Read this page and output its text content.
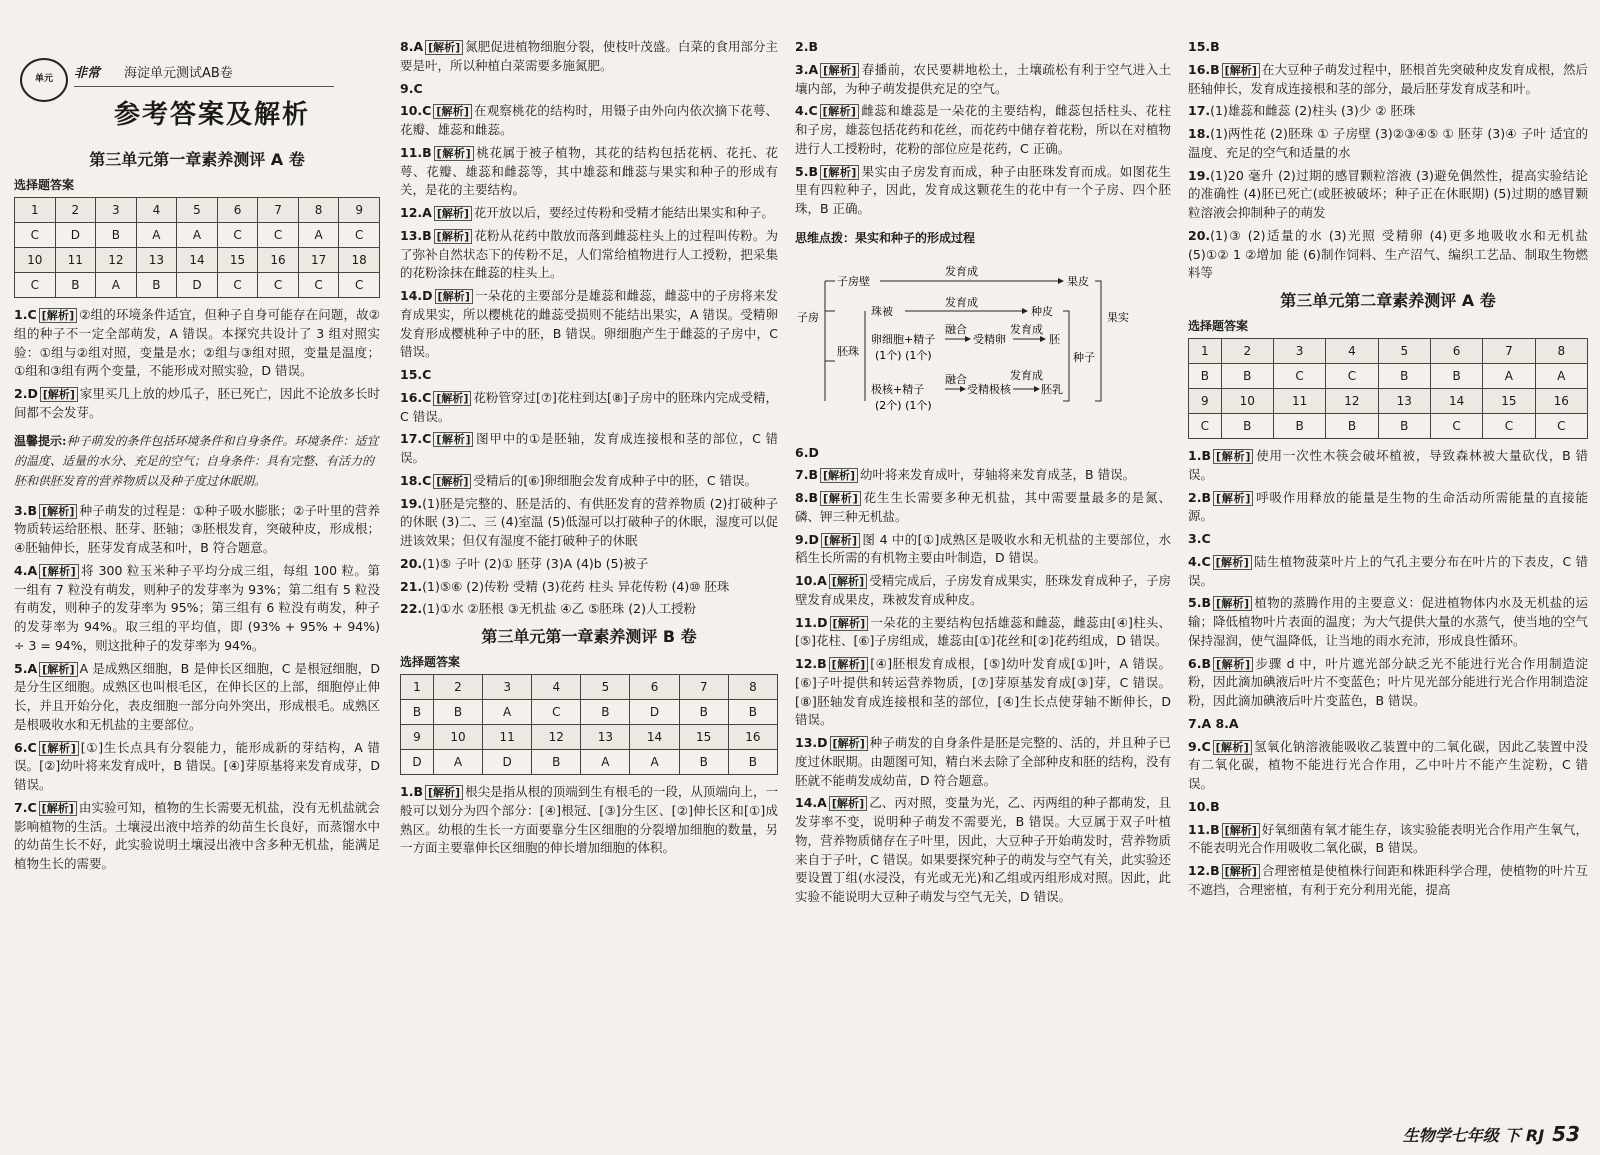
单元	非常 海淀单元测试AB卷
参考答案及解析
第三单元第一章素养测评 A 卷
选择题答案
1	2	3	4	5	6	7	8	9
C	D	B	A	A	C	C	A	C
10	11	12	13	14	15	16	17	18
C	B	A	B	D	C	C	C	C

1.C [解析] ②组的环境条件适宜，但种子自身可能存在问题，故②组的种子不一定全部萌发，A 错误。本探究共设计了 3 组对照实验：①组与②组对照，变量是水；②组与③组对照，变量是温度；①组和③组有两个变量，不能形成对照实验，D 错误。

2.D [解析] 家里买几上放的炒瓜子，胚已死亡，因此不论放多长时间都不会发芽。

温馨提示:种子萌发的条件包括环境条件和自身条件。环境条件：适宜的温度、适量的水分、充足的空气；自身条件：具有完整、有活力的胚和供胚发育的营养物质以及种子度过休眠期。

3.B [解析] 种子萌发的过程是：①种子吸水膨胀；②子叶里的营养物质转运给胚根、胚芽、胚轴；③胚根发育，突破种皮，形成根；④胚轴伸长，胚芽发育成茎和叶，B 符合题意。

4.A [解析] 将 300 粒玉米种子平均分成三组，每组 100 粒。第一组有 7 粒没有萌发，则种子的发芽率为 93%；第二组有 5 粒没有萌发，则种子的发芽率为 95%；第三组有 6 粒没有萌发，种子的发芽率为 94%。取三组的平均值，即 (93% + 95% + 94%) ÷ 3 = 94%，则这批种子的发芽率为 94%。

5.A [解析] A 是成熟区细胞，B 是伸长区细胞，C 是根冠细胞，D 是分生区细胞。成熟区也叫根毛区，在伸长区的上部，细胞停止伸长，并且开始分化，表皮细胞一部分向外突出，形成根毛。成熟区是根吸收水和无机盐的主要部位。

6.C [解析] [①]生长点具有分裂能力，能形成新的芽结构，A 错误。[②]幼叶将来发育成叶，B 错误。[④]芽原基将来发育成芽，D 错误。

7.C [解析] 由实验可知，植物的生长需要无机盐，没有无机盐就会影响植物的生活。土壤浸出液中培养的幼苗生长良好，而蒸馏水中的幼苗生长不好，此实验说明土壤浸出液中含多种无机盐，能满足植物生长的需要。

8.A [解析] 氮肥促进植物细胞分裂，使枝叶茂盛。白菜的食用部分主要是叶，所以种植白菜需要多施氮肥。

9.C

10.C [解析] 在观察桃花的结构时，用镊子由外向内依次摘下花萼、花瓣、雄蕊和雌蕊。

11.B [解析] 桃花属于被子植物，其花的结构包括花柄、花托、花萼、花瓣、雄蕊和雌蕊等，其中雄蕊和雌蕊与果实和种子的形成有关，是花的主要结构。

12.A [解析] 花开放以后，要经过传粉和受精才能结出果实和种子。

13.B [解析] 花粉从花药中散放而落到雌蕊柱头上的过程叫传粉。为了弥补自然状态下的传粉不足，人们常给植物进行人工授粉，把采集的花粉涂抹在雌蕊的柱头上。

14.D [解析] 一朵花的主要部分是雄蕊和雌蕊，雌蕊中的子房将来发育成果实，所以樱桃花的雌蕊受损则不能结出果实，A 错误。受精卵发育形成樱桃种子中的胚，B 错误。卵细胞产生于雌蕊的子房中，C 错误。

15.C

16.C [解析] 花粉管穿过[⑦]花柱到达[⑧]子房中的胚珠内完成受精，C 错误。

17.C [解析] 图甲中的①是胚轴，发育成连接根和茎的部位，C 错误。

18.C [解析] 受精后的[⑥]卵细胞会发育成种子中的胚，C 错误。

19.(1)胚是完整的、胚是活的、有供胚发育的营养物质 (2)打破种子的休眠 (3)二、三 (4)室温 (5)低湿可以打破种子的休眠，湿度可以促进该效果；但仅有湿度不能打破种子的休眠

20.(1)⑤ 子叶 (2)① 胚芽 (3)A (4)b (5)被子

21.(1)⑤⑥ (2)传粉 受精 (3)花药 柱头 异花传粉 (4)⑩ 胚珠

22.(1)①水 ②胚根 ③无机盐 ④乙 ⑤胚珠 (2)人工授粉

第三单元第一章素养测评 B 卷
选择题答案
1	2	3	4	5	6	7	8
B	B	A	C	B	D	B	B
9	10	11	12	13	14	15	16
D	A	D	B	A	A	B	B

1.B [解析] 根尖是指从根的顶端到生有根毛的一段，从顶端向上，一般可以划分为四个部分：[④]根冠、[③]分生区、[②]伸长区和[①]成熟区。幼根的生长一方面要靠分生区细胞的分裂增加细胞的数量，另一方面主要靠伸长区细胞的伸长增加细胞的体积。

2.B

3.A [解析] 春播前，农民要耕地松土，土壤疏松有利于空气进入土壤内部，为种子萌发提供充足的空气。

4.C [解析] 雌蕊和雄蕊是一朵花的主要结构，雌蕊包括柱头、花柱和子房，雄蕊包括花药和花丝，而花药中储存着花粉，所以在对植物进行人工授粉时，花粉的部位应是花药，C 正确。

5.B [解析] 果实由子房发育而成，种子由胚珠发育而成。如图花生里有四粒种子，因此，发育成这颗花生的花中有一个子房、四个胚珠，B 正确。

思维点拨：果实和种子的形成过程
子房
子房壁
发育成
果皮
果实
胚珠
珠被
发育成
种皮
卵细胞+精子
(1个) (1个)
融合
受精卵
发育成
胚
种子
极核+精子
(2个) (1个)
融合
受精极核
发育成
胚乳

6.D

7.B [解析] 幼叶将来发育成叶，芽轴将来发育成茎，B 错误。

8.B [解析] 花生生长需要多种无机盐，其中需要量最多的是氮、磷、钾三种无机盐。

9.D [解析] 图 4 中的[①]成熟区是吸收水和无机盐的主要部位，水稻生长所需的有机物主要由叶制造，D 错误。

10.A [解析] 受精完成后，子房发育成果实，胚珠发育成种子，子房壁发育成果皮，珠被发育成种皮。

11.D [解析] 一朵花的主要结构包括雄蕊和雌蕊，雌蕊由[④]柱头、[⑤]花柱、[⑥]子房组成，雄蕊由[①]花丝和[②]花药组成，D 错误。

12.B [解析] [④]胚根发育成根，[⑤]幼叶发育成[①]叶，A 错误。[⑥]子叶提供和转运营养物质，[⑦]芽原基发育成[③]芽，C 错误。[⑧]胚轴发育成连接根和茎的部位，[④]生长点使芽轴不断伸长，D 错误。

13.D [解析] 种子萌发的自身条件是胚是完整的、活的，并且种子已度过休眠期。由题图可知，精白米去除了全部种皮和胚的结构，没有胚就不能萌发成幼苗，D 符合题意。

14.A [解析] 乙、丙对照，变量为光，乙、丙两组的种子都萌发，且发芽率不变，说明种子萌发不需要光，B 错误。大豆属于双子叶植物，营养物质储存在子叶里，因此，大豆种子开始萌发时，营养物质来自于子叶，C 错误。如果要探究种子的萌发与空气有关，此实验还要设置丁组(水浸没，有光或无光)和乙组或丙组形成对照。因此，此实验不能说明大豆种子萌发与空气无关，D 错误。

15.B

16.B [解析] 在大豆种子萌发过程中，胚根首先突破种皮发育成根，然后胚轴伸长，发育成连接根和茎的部分，最后胚芽发育成茎和叶。

17.(1)雄蕊和雌蕊 (2)柱头 (3)少 ② 胚珠

18.(1)两性花 (2)胚珠 ① 子房壁 (3)②③④⑤ ① 胚芽 (3)④ 子叶 适宜的温度、充足的空气和适量的水

19.(1)20 毫升 (2)过期的感冒颗粒溶液 (3)避免偶然性，提高实验结论的准确性 (4)胚已死亡(或胚被破坏；种子正在休眠期) (5)过期的感冒颗粒溶液会抑制种子的萌发

20.(1)③ (2)适量的水 (3)光照 受精卵 (4)更多地吸收水和无机盐 (5)①② 1 ②增加 能 (6)制作饲料、生产沼气、编织工艺品、制取生物燃料等

第三单元第二章素养测评 A 卷
选择题答案
1	2	3	4	5	6	7	8
B	B	C	C	B	B	A	A
9	10	11	12	13	14	15	16
C	B	B	B	B	C	C	C

1.B [解析] 使用一次性木筷会破坏植被，导致森林被大量砍伐，B 错误。

2.B [解析] 呼吸作用释放的能量是生物的生命活动所需能量的直接能源。

3.C

4.C [解析] 陆生植物菠菜叶片上的气孔主要分布在叶片的下表皮，C 错误。

5.B [解析] 植物的蒸腾作用的主要意义：促进植物体内水及无机盐的运输；降低植物叶片表面的温度；为大气提供大量的水蒸气，使当地的空气保持湿润，使气温降低，让当地的雨水充沛，形成良性循环。

6.B [解析] 步骤 d 中，叶片遮光部分缺乏光不能进行光合作用制造淀粉，因此滴加碘液后叶片不变蓝色；叶片见光部分能进行光合作用制造淀粉，因此滴加碘液后叶片变蓝色，B 错误。

7.A 8.A

9.C [解析] 氢氧化钠溶液能吸收乙装置中的二氧化碳，因此乙装置中没有二氧化碳，植物不能进行光合作用，乙中叶片不能产生淀粉，C 错误。

10.B

11.B [解析] 好氧细菌有氧才能生存，该实验能表明光合作用产生氧气，不能表明光合作用吸收二氧化碳，B 错误。

12.B [解析] 合理密植是使植株行间距和株距科学合理，使植物的叶片互不遮挡，合理密植，有利于充分利用光能，提高

生物学七年级 下 RJ 53
